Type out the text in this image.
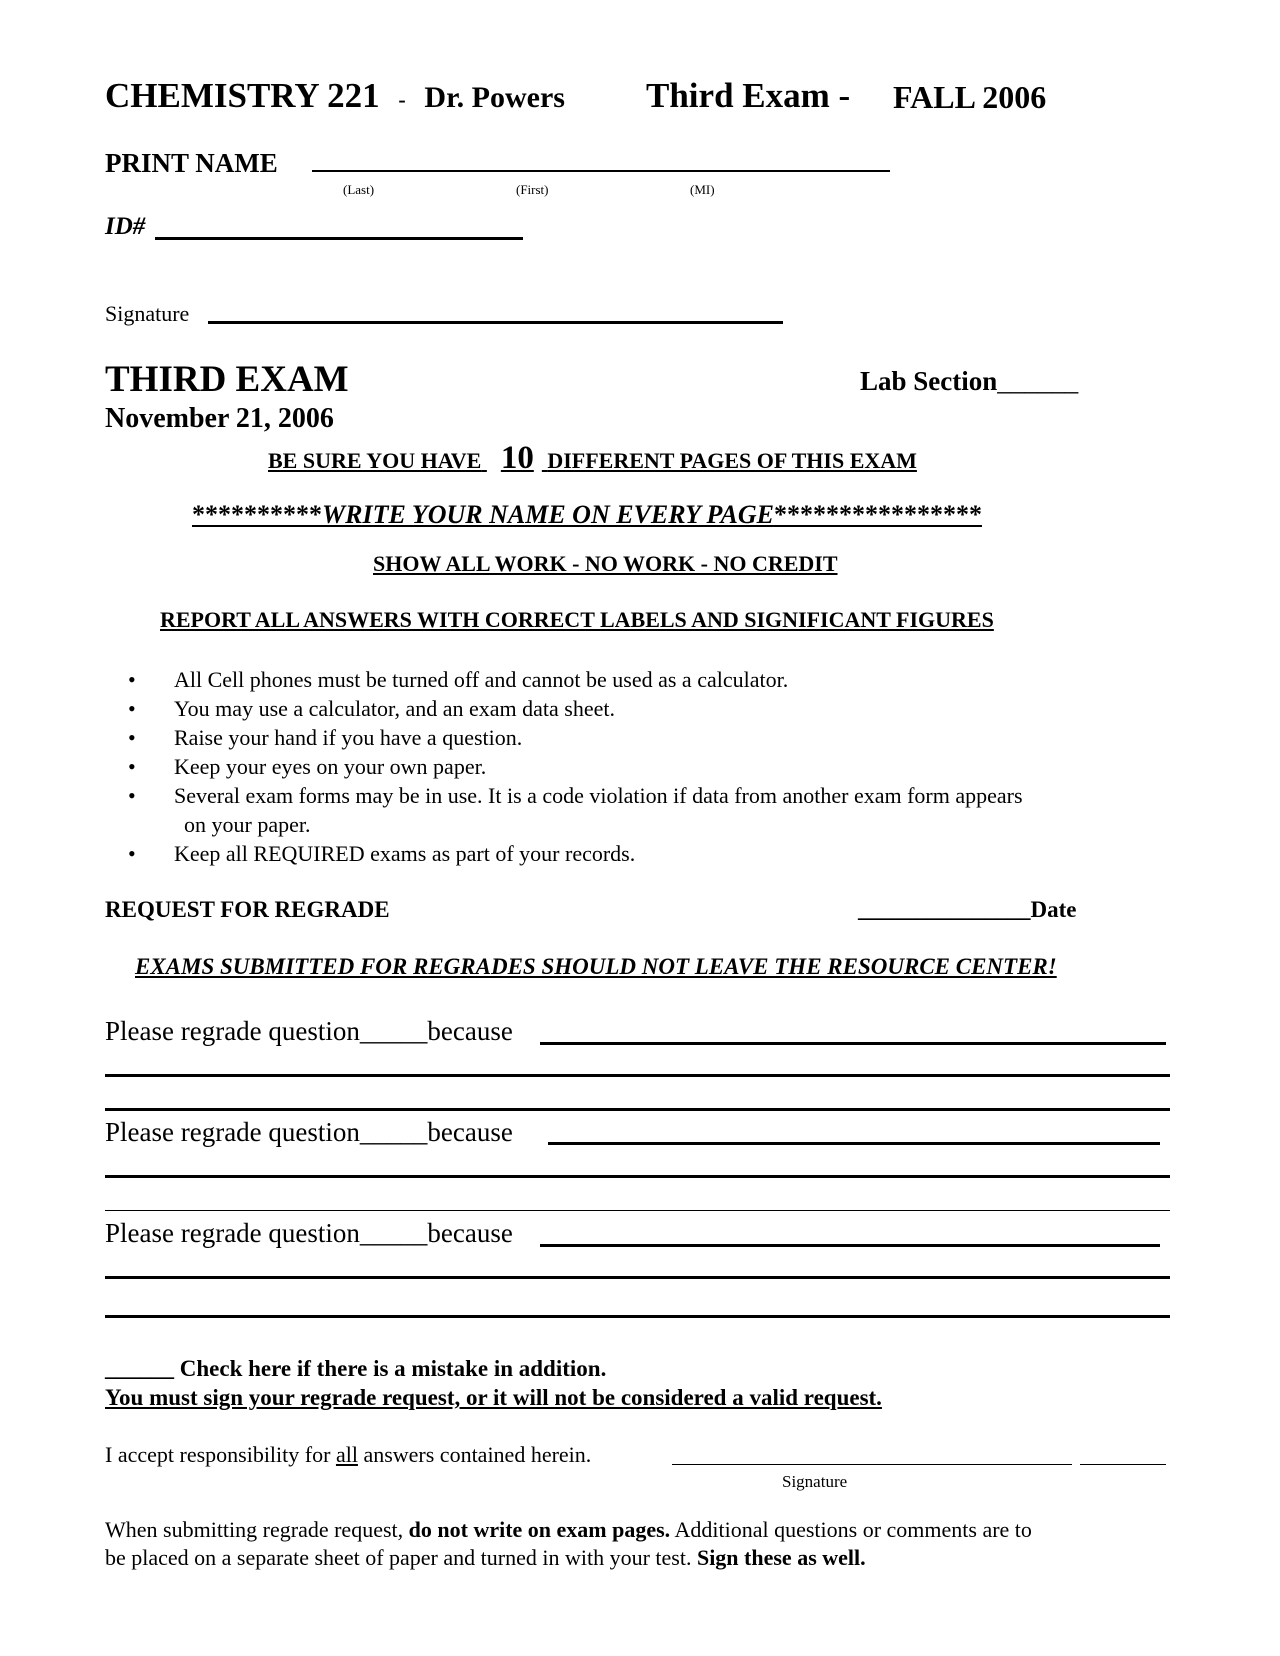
CHEMISTRY 221 - Dr. Powers Third Exam - FALL 2006
PRINT NAME
(Last)	(First)	(MI)
ID#
Signature
THIRD EXAM	Lab Section______
November 21, 2006
BE SURE YOU HAVE 10 DIFFERENT PAGES OF THIS EXAM
**********WRITE YOUR NAME ON EVERY PAGE****************
SHOW ALL WORK - NO WORK - NO CREDIT
REPORT ALL ANSWERS WITH CORRECT LABELS AND SIGNIFICANT FIGURES
•	All Cell phones must be turned off and cannot be used as a calculator.
•	You may use a calculator, and an exam data sheet.
•	Raise your hand if you have a question.
•	Keep your eyes on your own paper.
•	Several exam forms may be in use. It is a code violation if data from another exam form appears
on your paper.
•	Keep all REQUIRED exams as part of your records.
REQUEST FOR REGRADE	_______________Date
EXAMS SUBMITTED FOR REGRADES SHOULD NOT LEAVE THE RESOURCE CENTER!
Please regrade question_____because
Please regrade question_____because
Please regrade question_____because
______ Check here if there is a mistake in addition.
You must sign your regrade request, or it will not be considered a valid request.
I accept responsibility for all answers contained herein.
Signature
When submitting regrade request, do not write on exam pages. Additional questions or comments are to
be placed on a separate sheet of paper and turned in with your test. Sign these as well.
